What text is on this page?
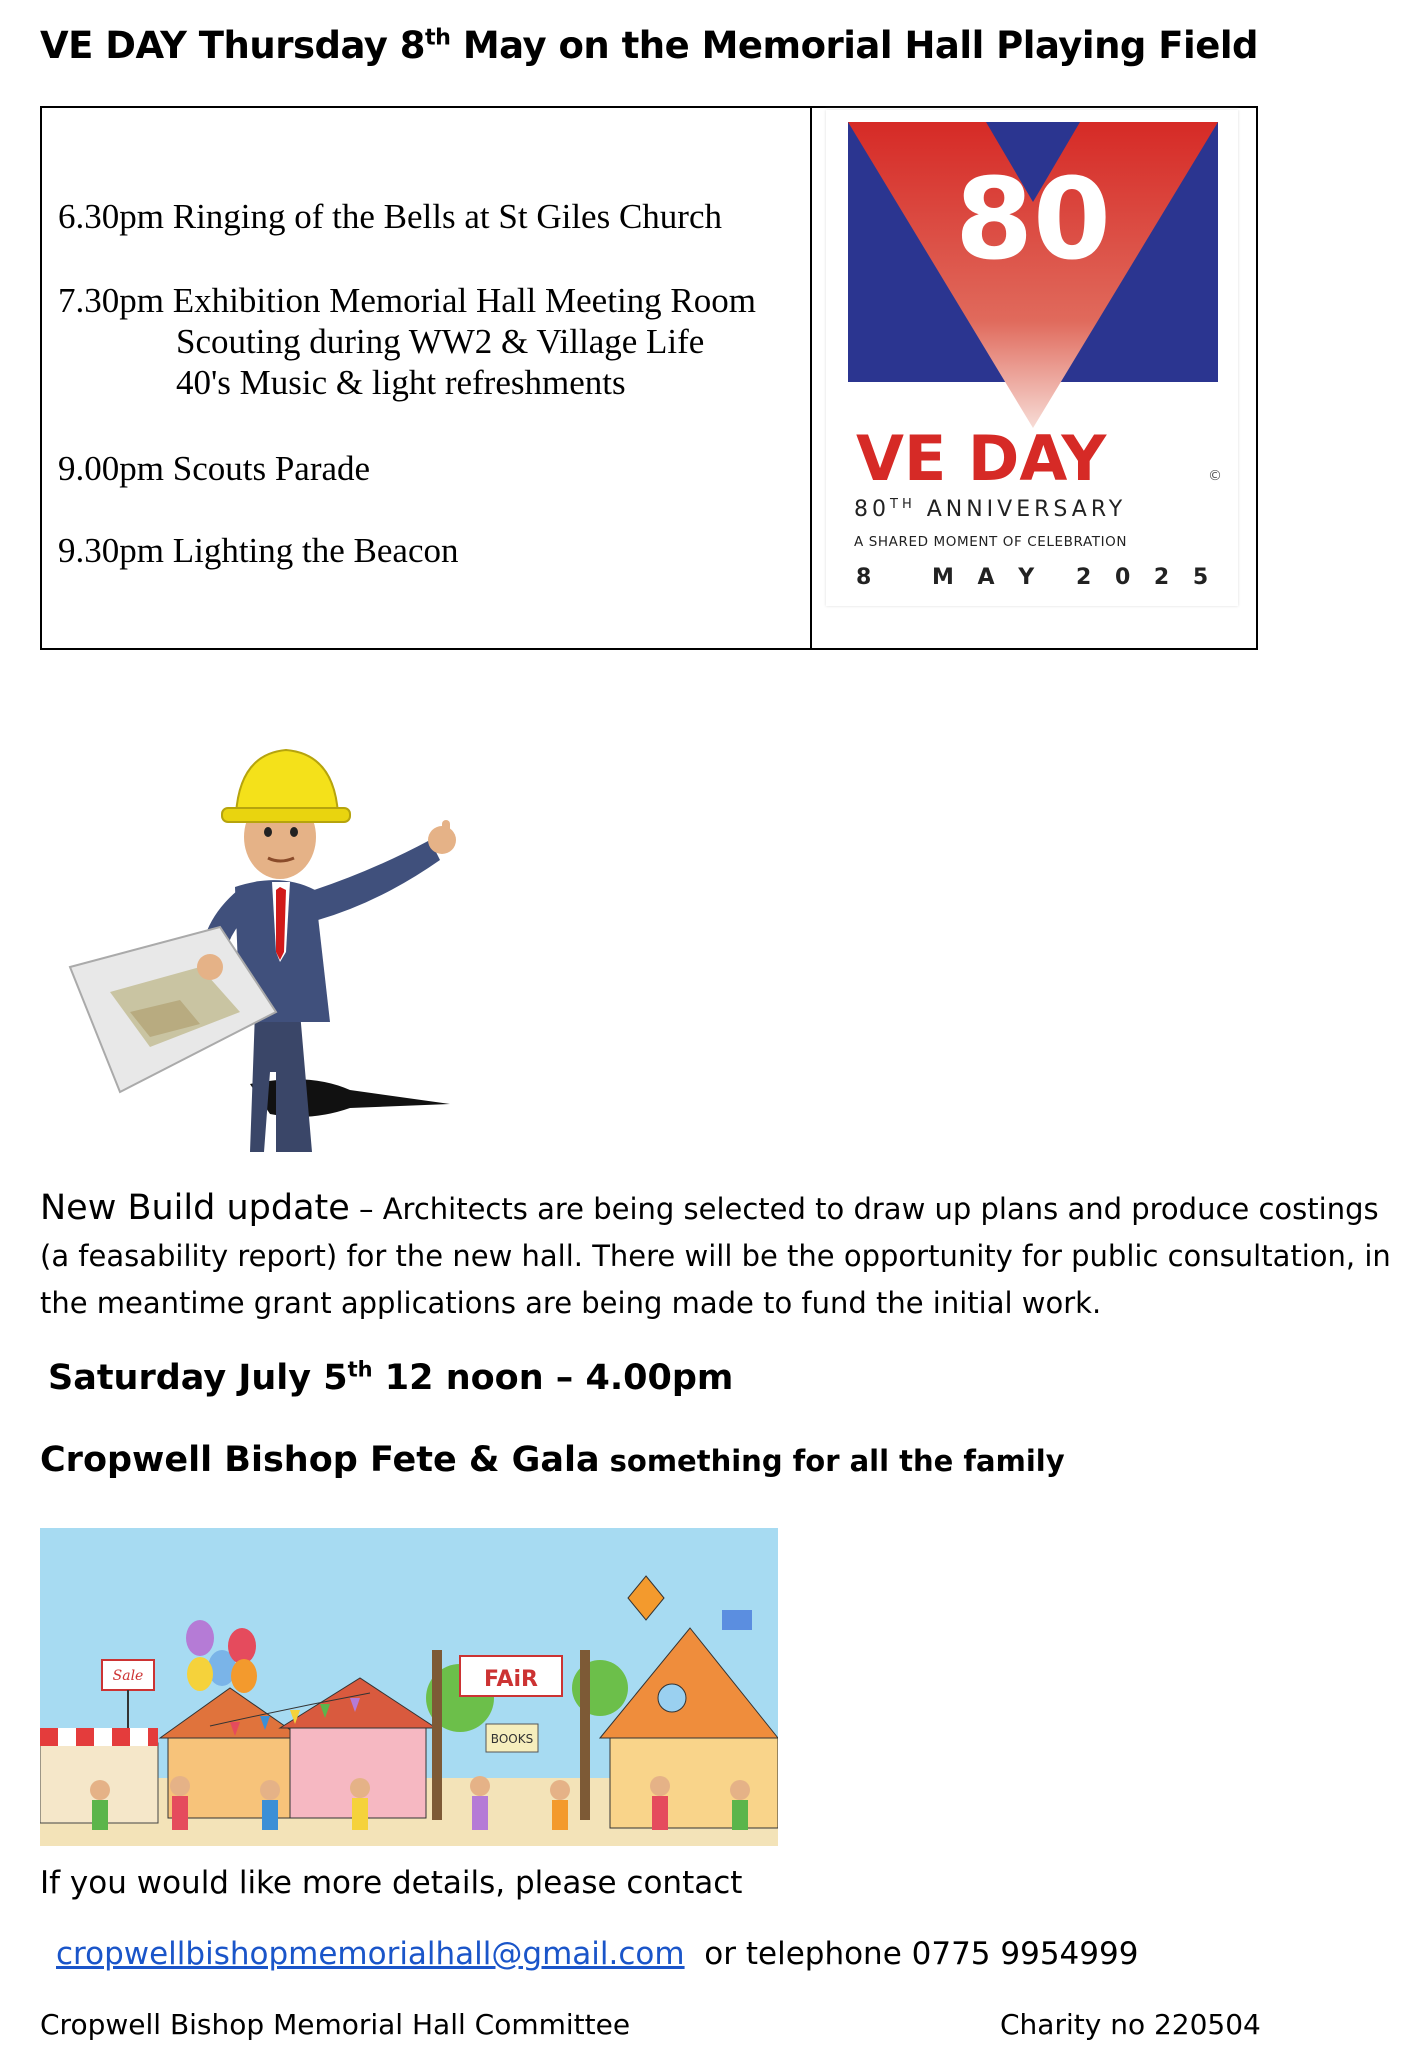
VE DAY Thursday 8th May on the Memorial Hall Playing Field
6.30pm Ringing of the Bells at St Giles Church
7.30pm Exhibition Memorial Hall Meeting Room
Scouting during WW2 & Village Life
40's Music & light refreshments
9.00pm Scouts Parade
9.30pm Lighting the Beacon
80
VE DAY	©
80TH ANNIVERSARY
A SHARED MOMENT OF CELEBRATION
8	M A Y 2 0 2 5
New Build update – Architects are being selected to draw up plans and produce costings (a feasability report) for the new hall. There will be the opportunity for public consultation, in the meantime grant applications are being made to fund the initial work.
Saturday July 5th 12 noon – 4.00pm
Cropwell Bishop Fete & Gala something for all the family
Sale	FAiR
BOOKS
If you would like more details, please contact
cropwellbishopmemorialhall@gmail.com  or telephone 0775 9954999
Cropwell Bishop Memorial Hall Committee	Charity no 220504
